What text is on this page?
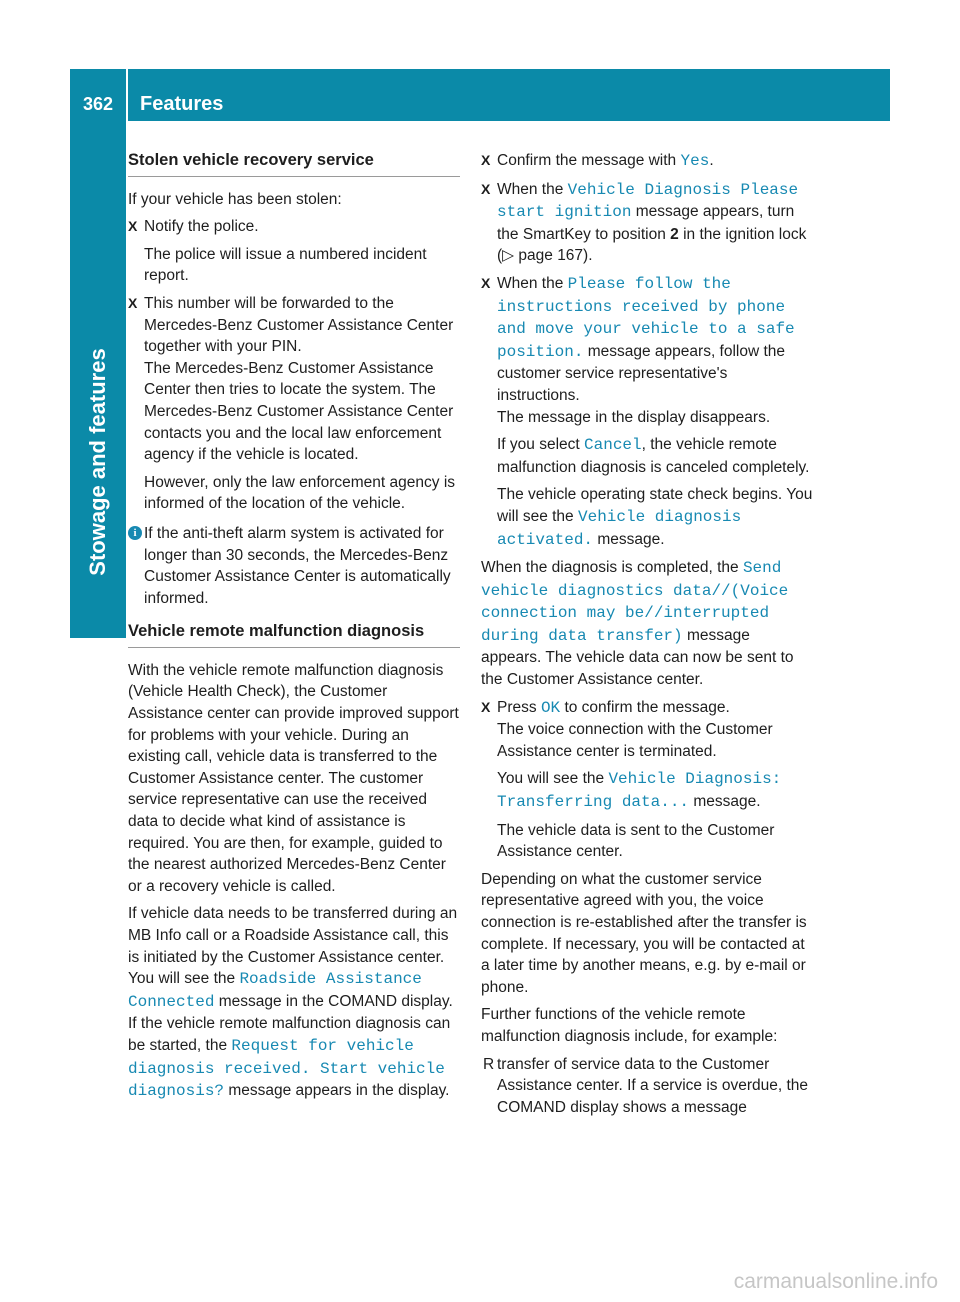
362	Features
Stowage and features
Stolen vehicle recovery service

If your vehicle has been stolen:

X Notify the police.
The police will issue a numbered incident report.
X This number will be forwarded to the Mercedes-Benz Customer Assistance Center together with your PIN.
The Mercedes-Benz Customer Assistance Center then tries to locate the system. The Mercedes-Benz Customer Assistance Center contacts you and the local law enforcement agency if the vehicle is located.
However, only the law enforcement agency is informed of the location of the vehicle.
i If the anti-theft alarm system is activated for longer than 30 seconds, the Mercedes-Benz Customer Assistance Center is automatically informed.
Vehicle remote malfunction diagnosis

With the vehicle remote malfunction diagnosis (Vehicle Health Check), the Customer Assistance center can provide improved support for problems with your vehicle. During an existing call, vehicle data is transferred to the Customer Assistance center. The customer service representative can use the received data to decide what kind of assistance is required. You are then, for example, guided to the nearest authorized Mercedes-Benz Center or a recovery vehicle is called.

If vehicle data needs to be transferred during an MB Info call or a Roadside Assistance call, this is initiated by the Customer Assistance center. You will see the Roadside Assistance Connected message in the COMAND display. If the vehicle remote malfunction diagnosis can be started, the Request for vehicle diagnosis received. Start vehicle diagnosis? message appears in the display.

X Confirm the message with Yes.
X When the Vehicle Diagnosis Please start ignition message appears, turn the SmartKey to position 2 in the ignition lock (▷ page 167).
X When the Please follow the instructions received by phone and move your vehicle to a safe position. message appears, follow the customer service representative's instructions.
The message in the display disappears.
If you select Cancel, the vehicle remote malfunction diagnosis is canceled completely.
The vehicle operating state check begins. You will see the Vehicle diagnosis activated. message.

When the diagnosis is completed, the Send vehicle diagnostics data//(Voice connection may be//interrupted during data transfer) message appears. The vehicle data can now be sent to the Customer Assistance center.

X Press OK to confirm the message.
The voice connection with the Customer Assistance center is terminated.
You will see the Vehicle Diagnosis: Transferring data... message.
The vehicle data is sent to the Customer Assistance center.

Depending on what the customer service representative agreed with you, the voice connection is re-established after the transfer is complete. If necessary, you will be contacted at a later time by another means, e.g. by e-mail or phone.

Further functions of the vehicle remote malfunction diagnosis include, for example:

R transfer of service data to the Customer Assistance center. If a service is overdue, the COMAND display shows a message
carmanualsonline.info
